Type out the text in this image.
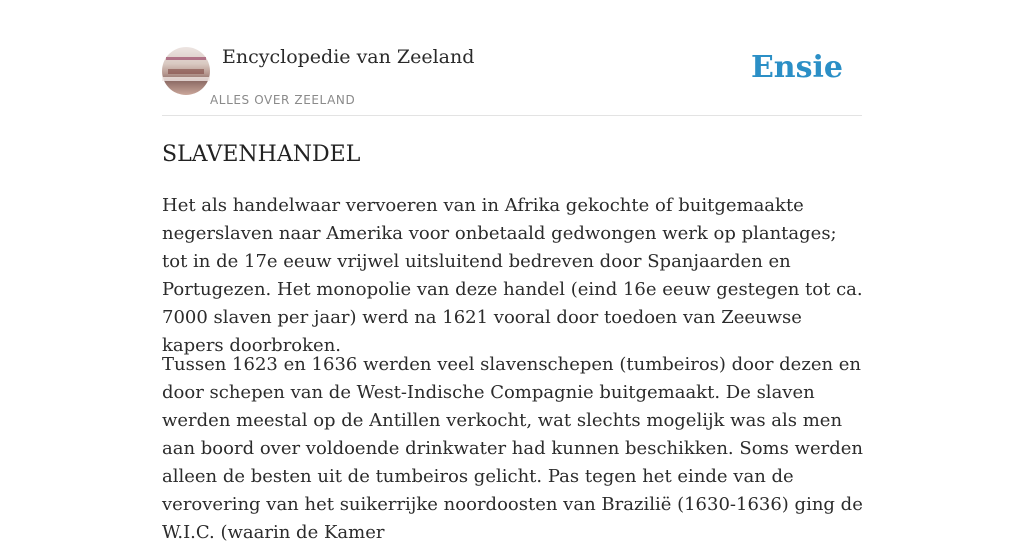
Encyclopedie van Zeeland
ALLES OVER ZEELAND
Ensie
SLAVENHANDEL

Het als handelwaar vervoeren van in Afrika gekochte of buitgemaakte negerslaven naar Amerika voor onbetaald gedwongen werk op plantages; tot in de 17e eeuw vrijwel uitsluitend bedreven door Spanjaarden en Portugezen. Het monopolie van deze handel (eind 16e eeuw gestegen tot ca. 7000 slaven per jaar) werd na 1621 vooral door toedoen van Zeeuwse kapers doorbroken.

Tussen 1623 en 1636 werden veel slavenschepen (tumbeiros) door dezen en door schepen van de West-Indische Compagnie buitgemaakt. De slaven werden meestal op de Antillen verkocht, wat slechts mogelijk was als men aan boord over voldoende drinkwater had kunnen beschikken. Soms werden alleen de besten uit de tumbeiros gelicht. Pas tegen het einde van de verovering van het suikerrijke noordoosten van Brazilië (1630-1636) ging de W.I.C. (waarin de Kamer
